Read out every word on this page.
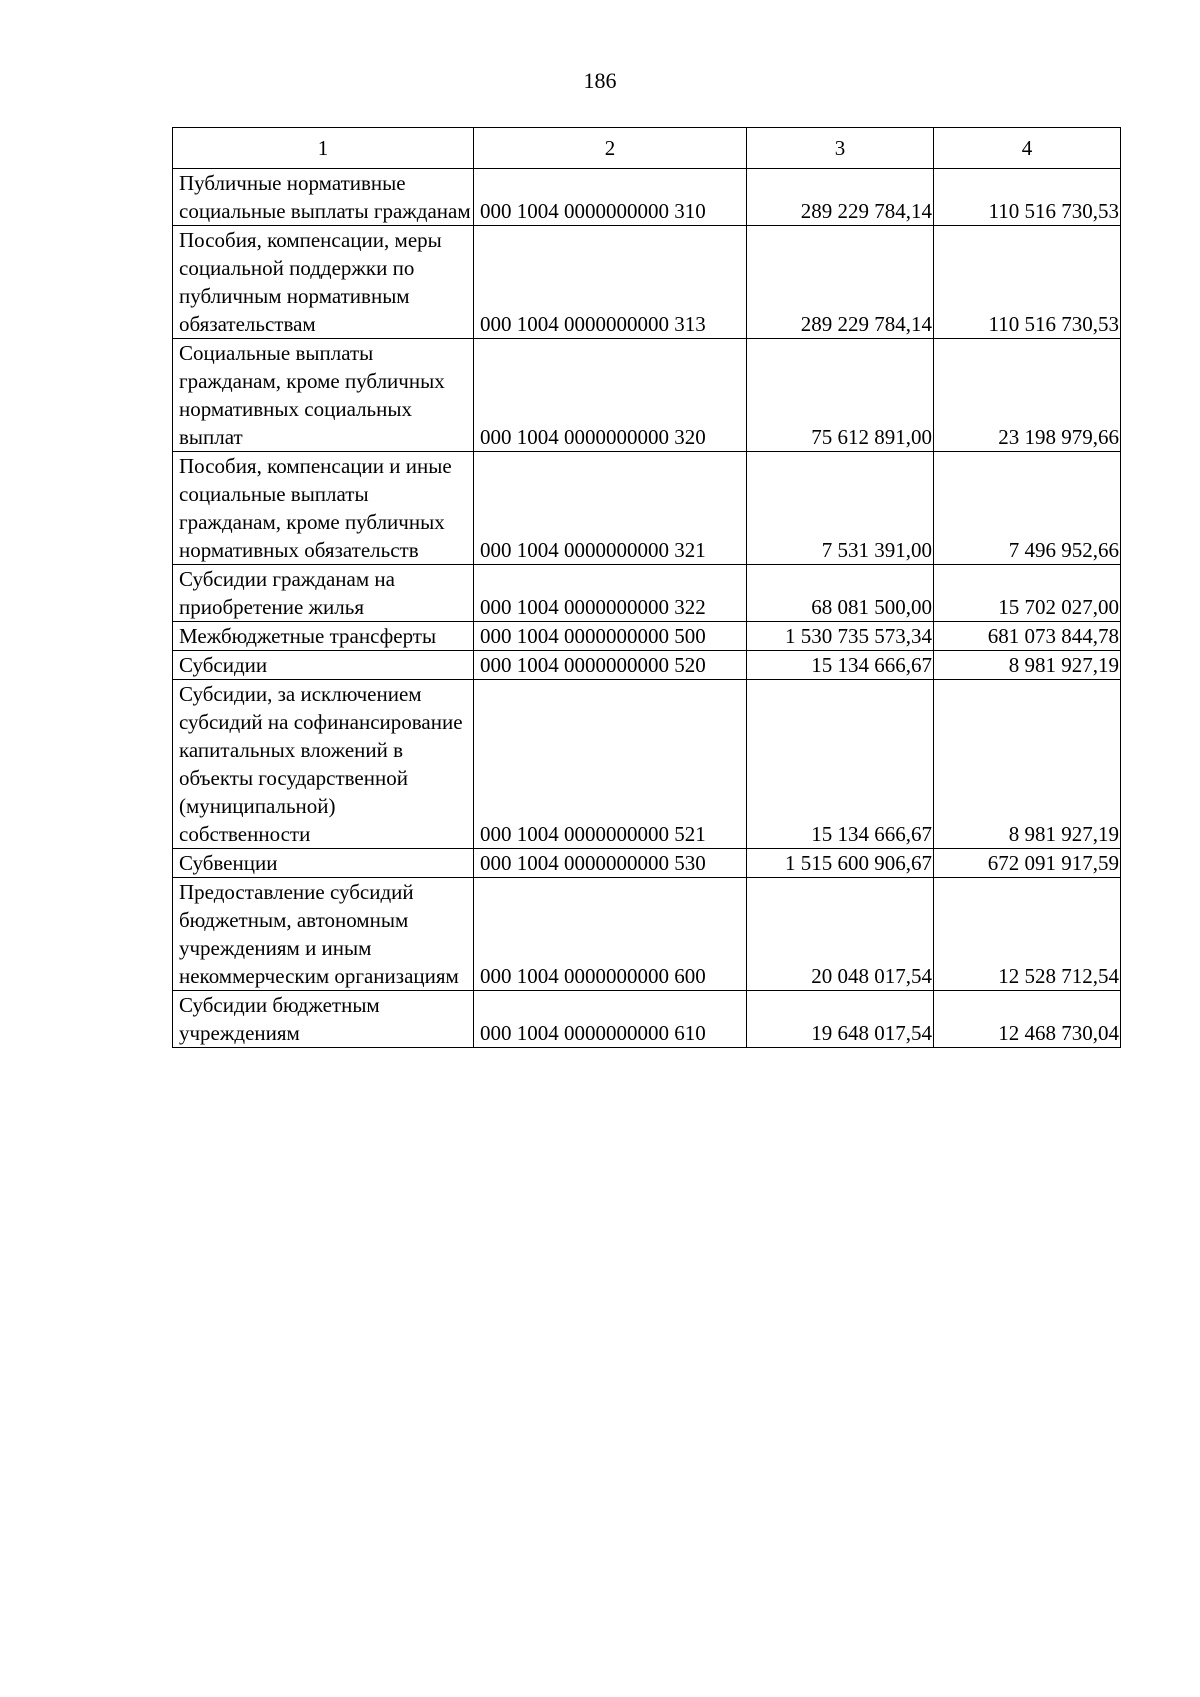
186
1	2	3	4
Публичные нормативные социальные выплаты гражданам	000 1004 0000000000 310	289 229 784,14	110 516 730,53
Пособия, компенсации, меры социальной поддержки по публичным нормативным обязательствам	000 1004 0000000000 313	289 229 784,14	110 516 730,53
Социальные выплаты гражданам, кроме публичных нормативных социальных выплат	000 1004 0000000000 320	75 612 891,00	23 198 979,66
Пособия, компенсации и иные социальные выплаты гражданам, кроме публичных нормативных обязательств	000 1004 0000000000 321	7 531 391,00	7 496 952,66
Субсидии гражданам на приобретение жилья	000 1004 0000000000 322	68 081 500,00	15 702 027,00
Межбюджетные трансферты	000 1004 0000000000 500	1 530 735 573,34	681 073 844,78
Субсидии	000 1004 0000000000 520	15 134 666,67	8 981 927,19
Субсидии, за исключением субсидий на софинансирование капитальных вложений в объекты государственной (муниципальной) собственности	000 1004 0000000000 521	15 134 666,67	8 981 927,19
Субвенции	000 1004 0000000000 530	1 515 600 906,67	672 091 917,59
Предоставление субсидий бюджетным, автономным учреждениям и иным некоммерческим организациям	000 1004 0000000000 600	20 048 017,54	12 528 712,54
Субсидии бюджетным учреждениям	000 1004 0000000000 610	19 648 017,54	12 468 730,04
